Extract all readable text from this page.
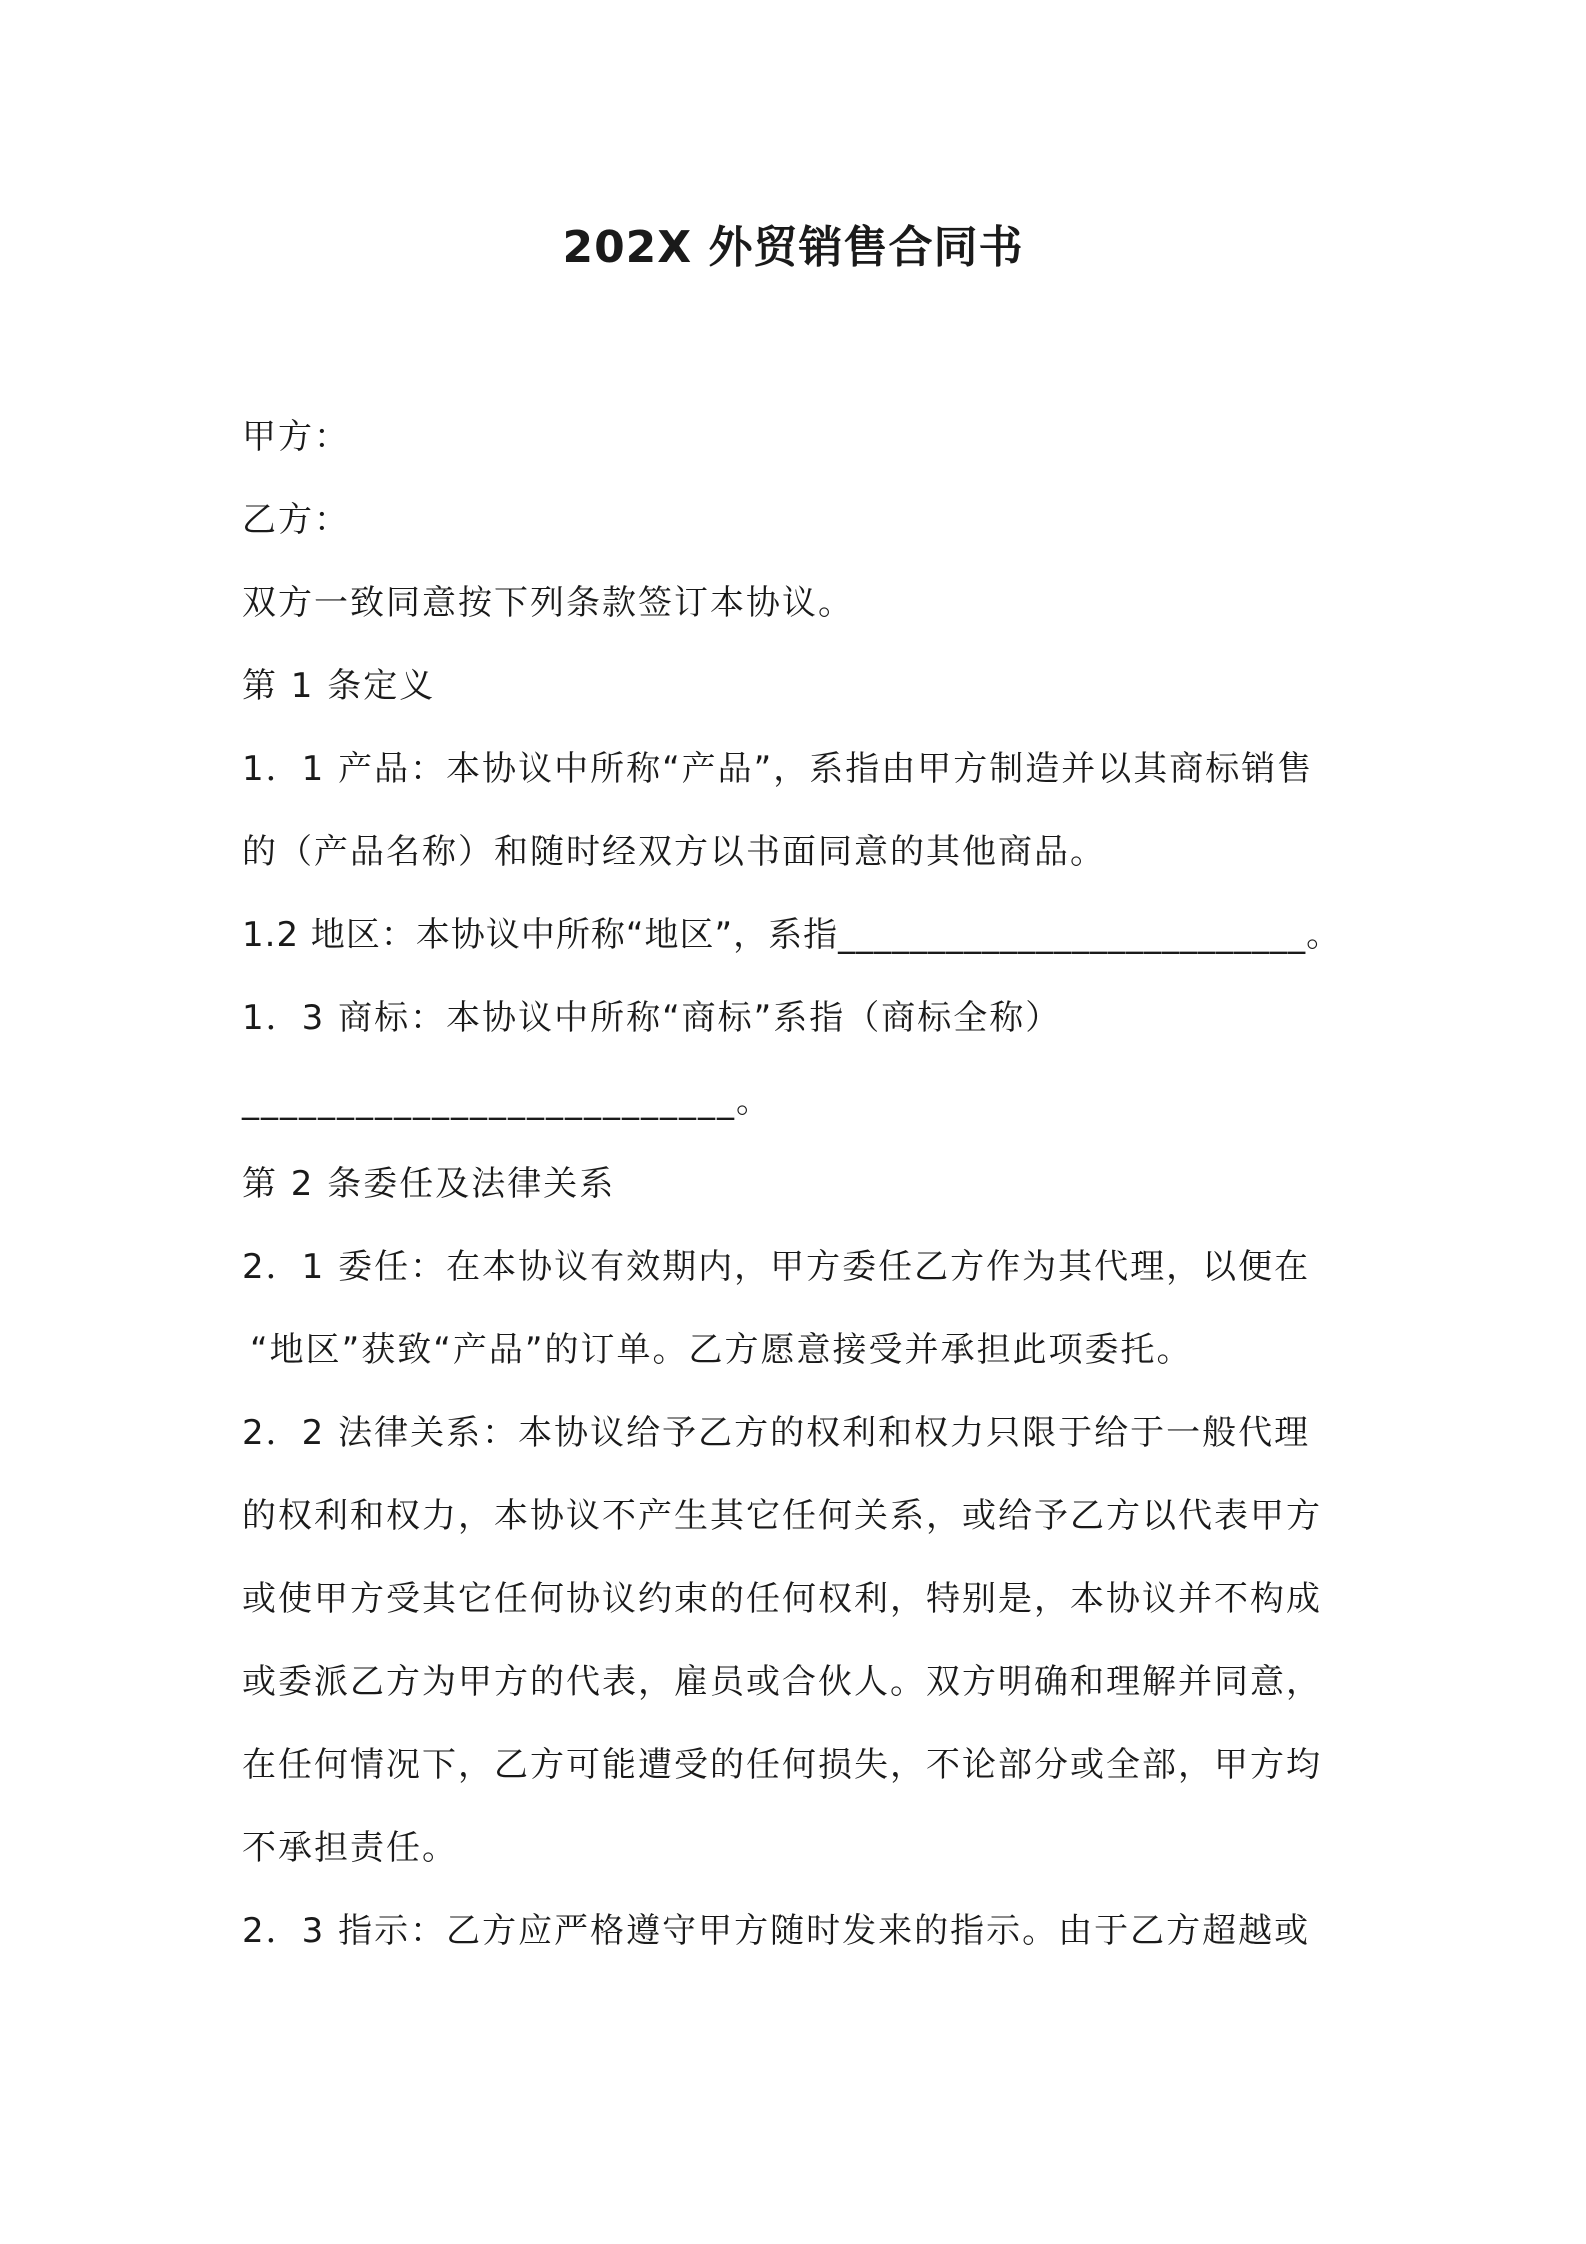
202X 外贸销售合同书
甲方：
乙方：
双方一致同意按下列条款签订本协议。
第 1 条定义
1．1 产品：本协议中所称“产品”，系指由甲方制造并以其商标销售
的（产品名称）和随时经双方以书面同意的其他商品。
1.2 地区：本协议中所称“地区”，系指__________________________。
1．3 商标：本协议中所称“商标”系指（商标全称）
__________________________。
第 2 条委任及法律关系
2．1 委任：在本协议有效期内，甲方委任乙方作为其代理，以便在
“地区”获致“产品”的订单。乙方愿意接受并承担此项委托。
2．2 法律关系：本协议给予乙方的权利和权力只限于给于一般代理
的权利和权力，本协议不产生其它任何关系，或给予乙方以代表甲方
或使甲方受其它任何协议约束的任何权利，特别是，本协议并不构成
或委派乙方为甲方的代表，雇员或合伙人。双方明确和理解并同意，
在任何情况下，乙方可能遭受的任何损失，不论部分或全部，甲方均
不承担责任。
2．3 指示：乙方应严格遵守甲方随时发来的指示。由于乙方超越或
